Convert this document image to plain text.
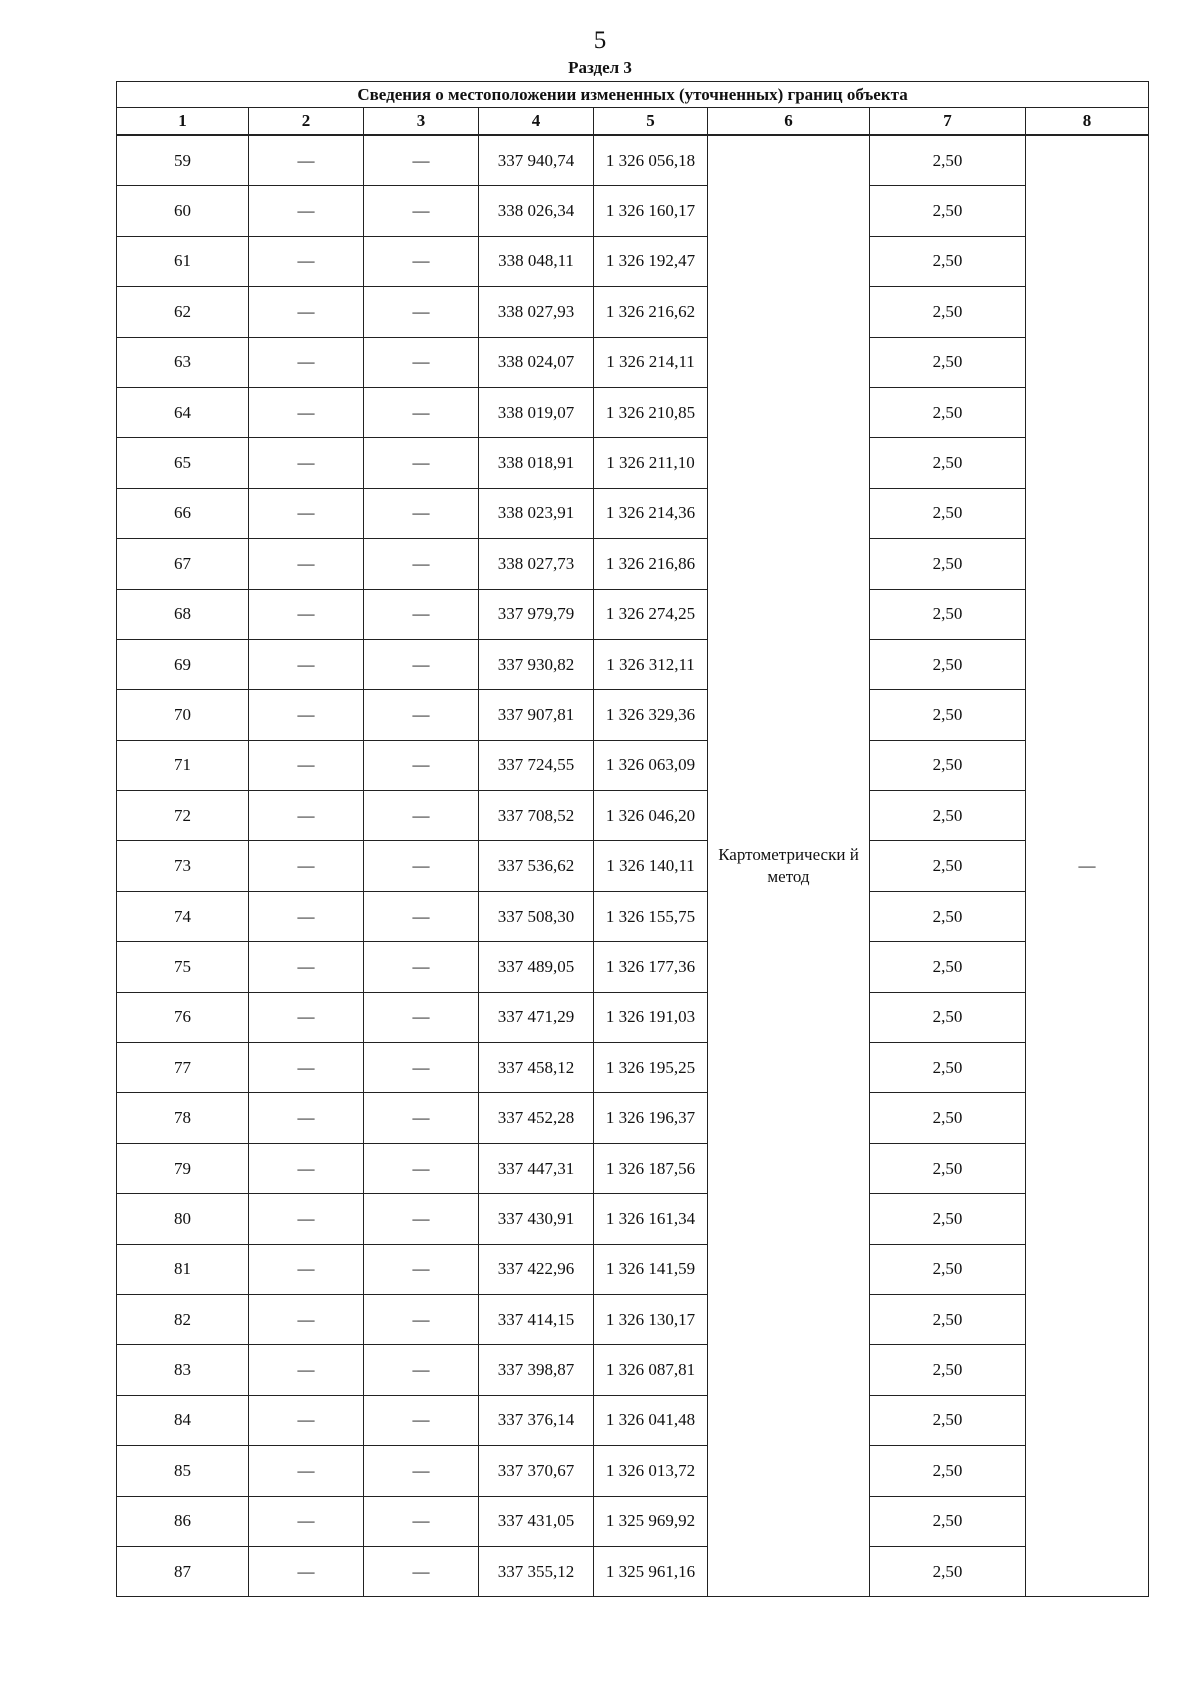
5
Раздел 3
Сведения о местоположении измененных (уточненных) границ объекта							
1	2	3	4	5	6	7	8
59	—	—	337 940,74	1 326 056,18	Картометрически й метод	2,50	—
60	—	—	338 026,34	1 326 160,17		2,50	
61	—	—	338 048,11	1 326 192,47		2,50	
62	—	—	338 027,93	1 326 216,62		2,50	
63	—	—	338 024,07	1 326 214,11		2,50	
64	—	—	338 019,07	1 326 210,85		2,50	
65	—	—	338 018,91	1 326 211,10		2,50	
66	—	—	338 023,91	1 326 214,36		2,50	
67	—	—	338 027,73	1 326 216,86		2,50	
68	—	—	337 979,79	1 326 274,25		2,50	
69	—	—	337 930,82	1 326 312,11		2,50	
70	—	—	337 907,81	1 326 329,36		2,50	
71	—	—	337 724,55	1 326 063,09		2,50	
72	—	—	337 708,52	1 326 046,20		2,50	
73	—	—	337 536,62	1 326 140,11		2,50	
74	—	—	337 508,30	1 326 155,75		2,50	
75	—	—	337 489,05	1 326 177,36		2,50	
76	—	—	337 471,29	1 326 191,03		2,50	
77	—	—	337 458,12	1 326 195,25		2,50	
78	—	—	337 452,28	1 326 196,37		2,50	
79	—	—	337 447,31	1 326 187,56		2,50	
80	—	—	337 430,91	1 326 161,34		2,50	
81	—	—	337 422,96	1 326 141,59		2,50	
82	—	—	337 414,15	1 326 130,17		2,50	
83	—	—	337 398,87	1 326 087,81		2,50	
84	—	—	337 376,14	1 326 041,48		2,50	
85	—	—	337 370,67	1 326 013,72		2,50	
86	—	—	337 431,05	1 325 969,92		2,50	
87	—	—	337 355,12	1 325 961,16		2,50	
